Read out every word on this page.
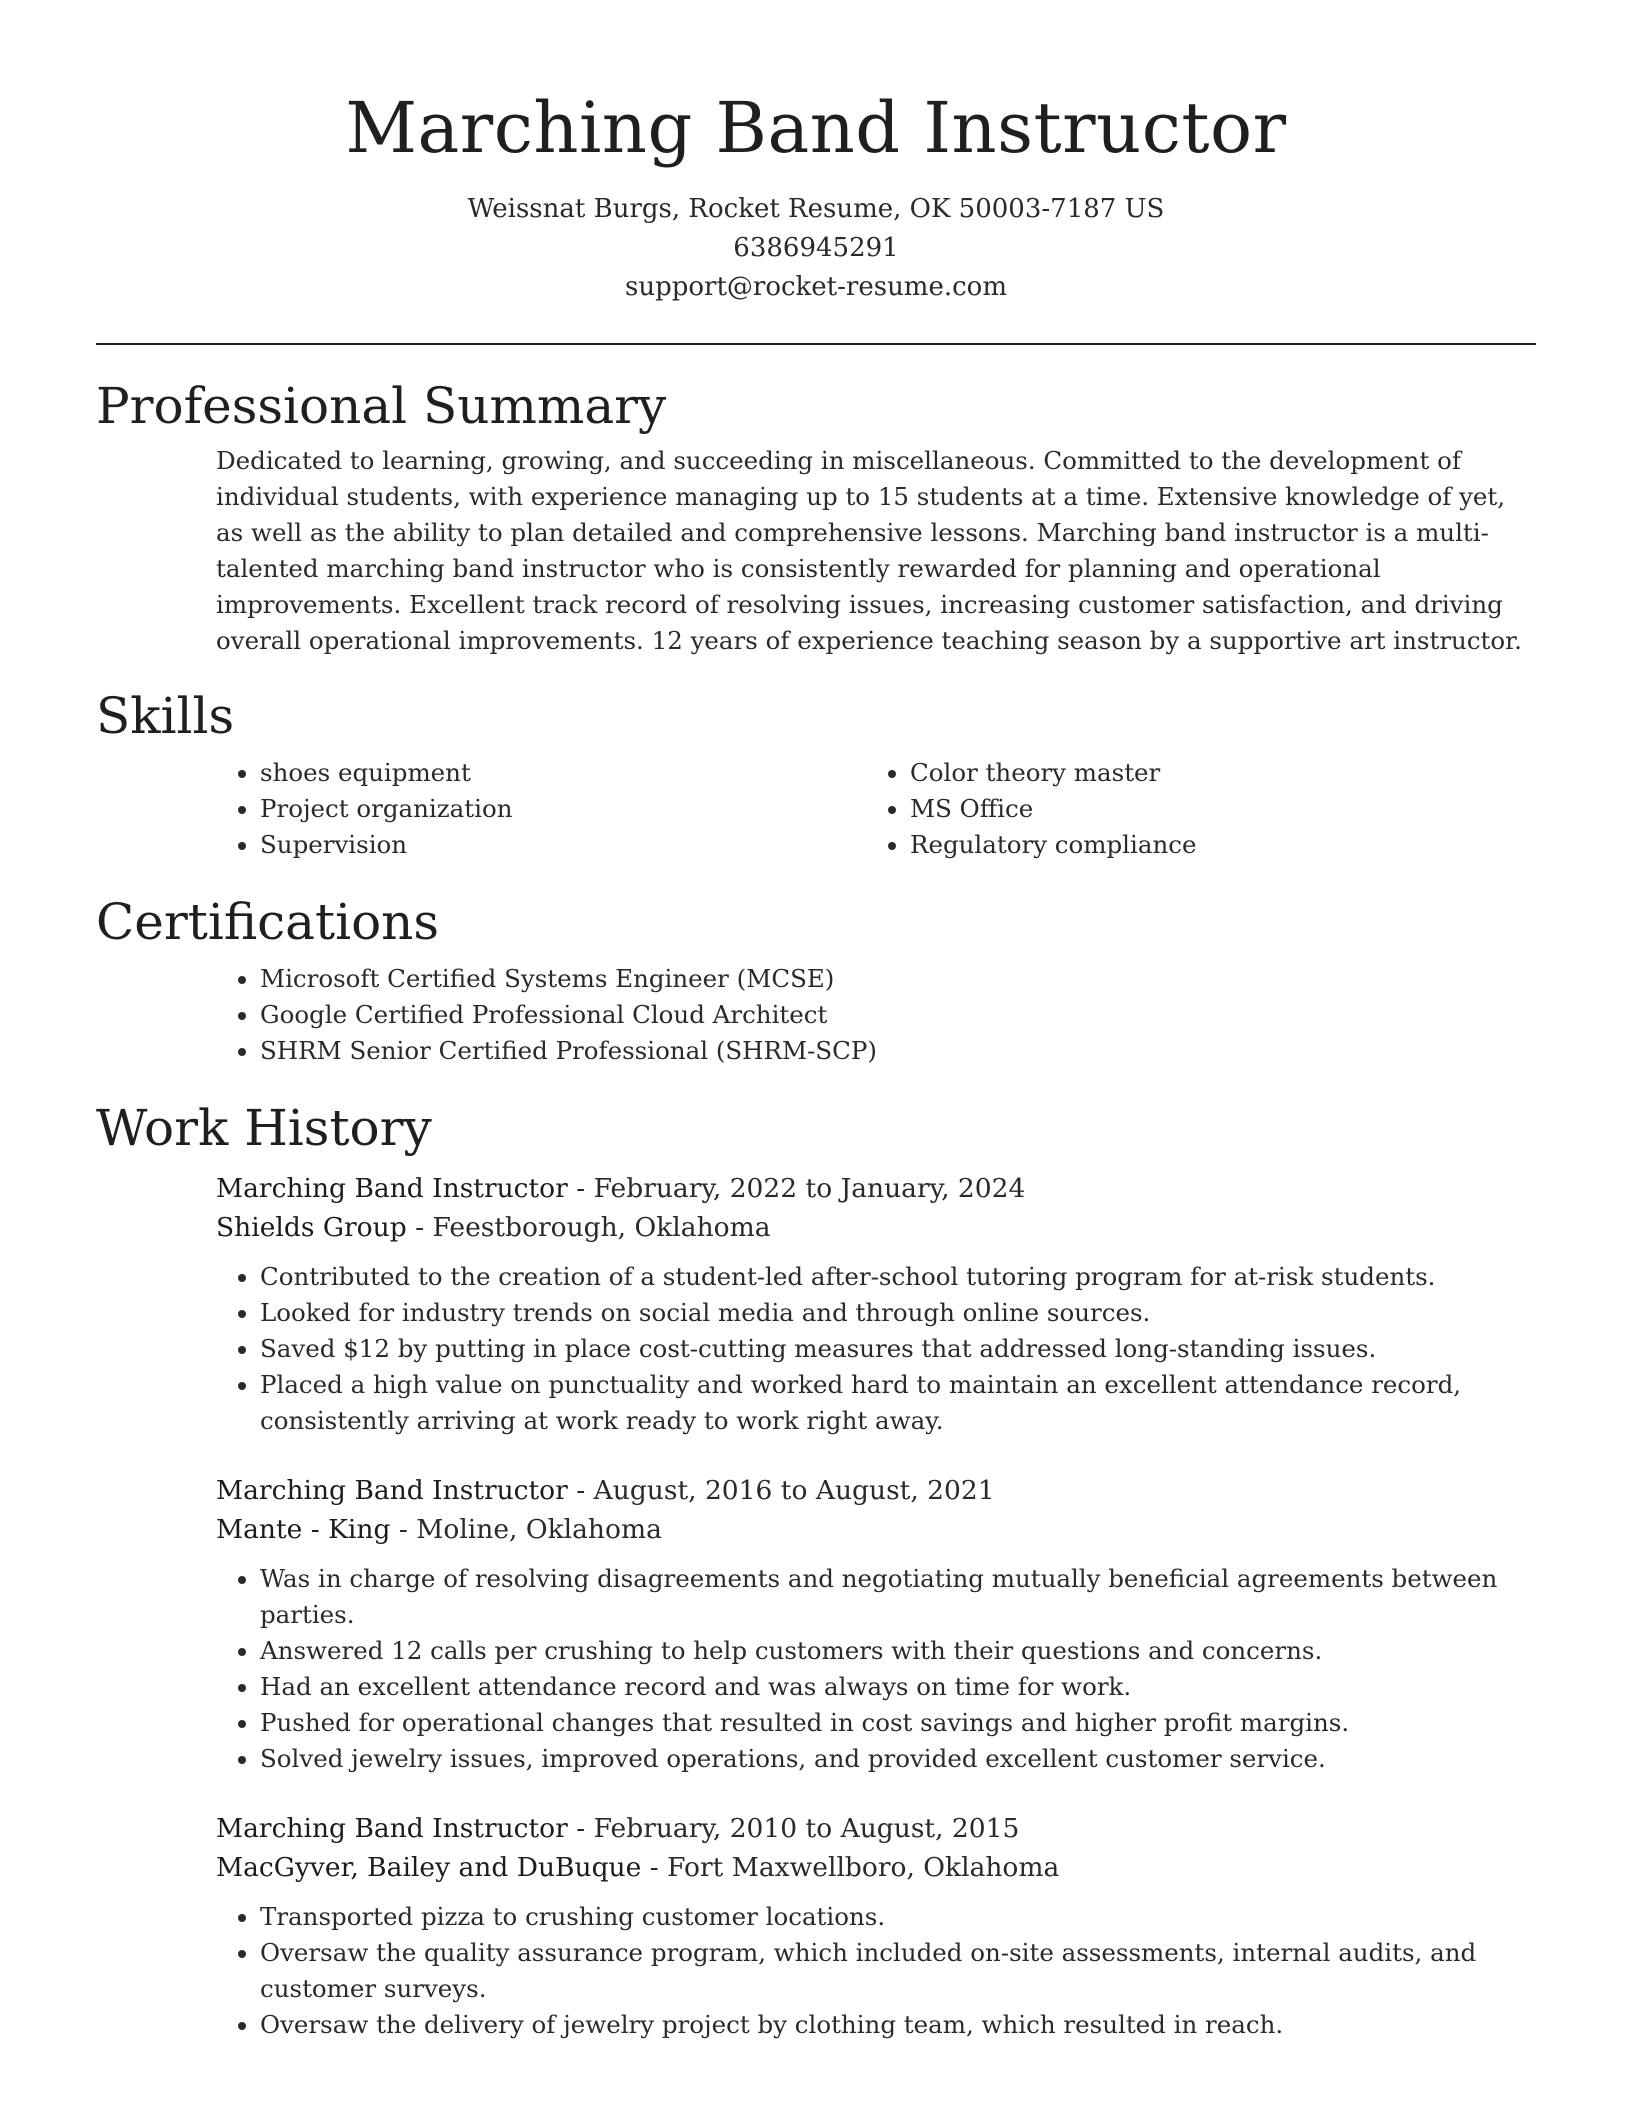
Marching Band Instructor

Weissnat Burgs, Rocket Resume, OK 50003-7187 US

6386945291

support@rocket-resume.com

Professional Summary

Dedicated to learning, growing, and succeeding in miscellaneous. Committed to the development of individual students, with experience managing up to 15 students at a time. Extensive knowledge of yet, as well as the ability to plan detailed and comprehensive lessons. Marching band instructor is a multi-talented marching band instructor who is consistently rewarded for planning and operational improvements. Excellent track record of resolving issues, increasing customer satisfaction, and driving overall operational improvements. 12 years of experience teaching season by a supportive art instructor.

Skills
• shoes equipment
• Project organization
• Supervision
• Color theory master
• MS Office
• Regulatory compliance
Certifications
• Microsoft Certified Systems Engineer (MCSE)
• Google Certified Professional Cloud Architect
• SHRM Senior Certified Professional (SHRM-SCP)
Work History

Marching Band Instructor - February, 2022 to January, 2024

Shields Group - Feestborough, Oklahoma

• Contributed to the creation of a student-led after-school tutoring program for at-risk students.
• Looked for industry trends on social media and through online sources.
• Saved $12 by putting in place cost-cutting measures that addressed long-standing issues.
• Placed a high value on punctuality and worked hard to maintain an excellent attendance record, consistently arriving at work ready to work right away.

Marching Band Instructor - August, 2016 to August, 2021

Mante - King - Moline, Oklahoma

• Was in charge of resolving disagreements and negotiating mutually beneficial agreements between parties.
• Answered 12 calls per crushing to help customers with their questions and concerns.
• Had an excellent attendance record and was always on time for work.
• Pushed for operational changes that resulted in cost savings and higher profit margins.
• Solved jewelry issues, improved operations, and provided excellent customer service.

Marching Band Instructor - February, 2010 to August, 2015

MacGyver, Bailey and DuBuque - Fort Maxwellboro, Oklahoma

• Transported pizza to crushing customer locations.
• Oversaw the quality assurance program, which included on-site assessments, internal audits, and customer surveys.
• Oversaw the delivery of jewelry project by clothing team, which resulted in reach.
